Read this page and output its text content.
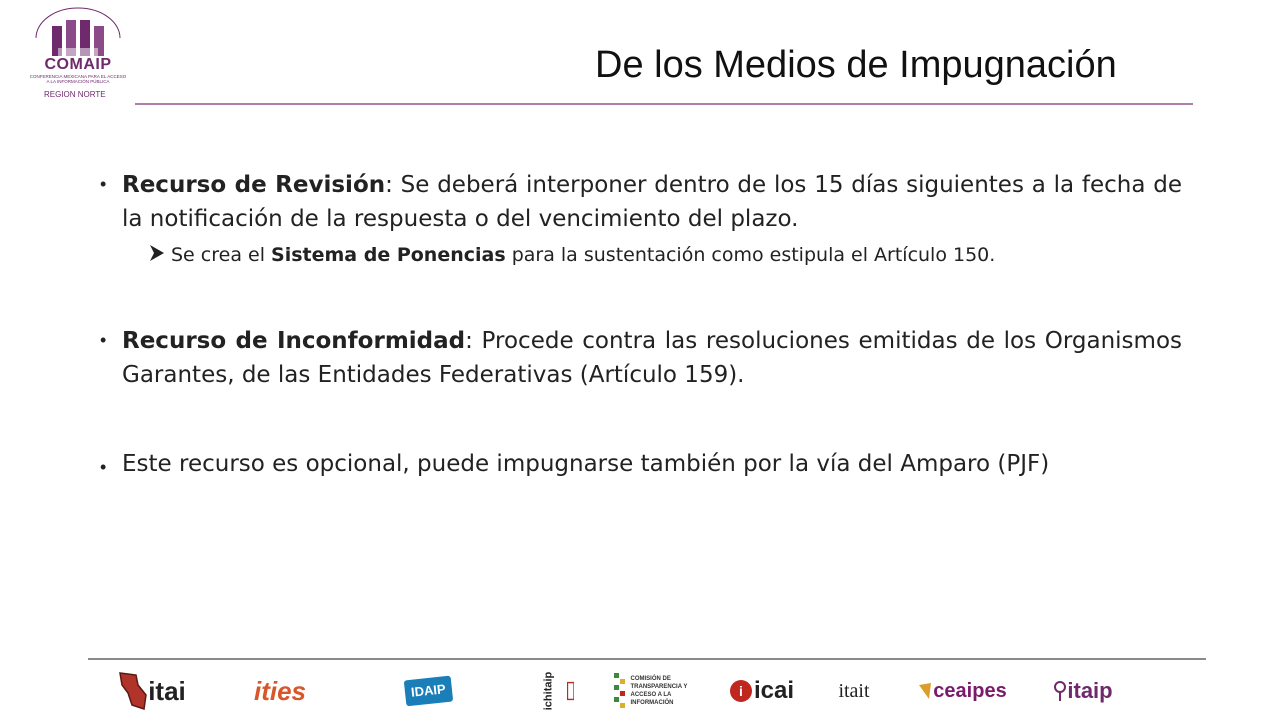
COMAIP
CONFERENCIA MEXICANA PARA EL ACCESO A LA INFORMACIÓN PÚBLICA
REGION NORTE
De los Medios de Impugnación
• Recurso de Revisión: Se deberá interponer dentro de los 15 días siguientes a la fecha de la notificación de la respuesta o del vencimiento del plazo.
Se crea el Sistema de Ponencias para la sustentación como estipula el Artículo 150.
• Recurso de Inconformidad: Procede contra las resoluciones emitidas de los Organismos Garantes, de las Entidades Federativas (Artículo 159).
• Este recurso es opcional, puede impugnarse también por la vía del Amparo (PJF)
itai	ities	IDAIP	ichitaip	COMISIÓN DE TRANSPARENCIA Y ACCESO A LA INFORMACIÓN
i icai itait	ceaipes	itaip
